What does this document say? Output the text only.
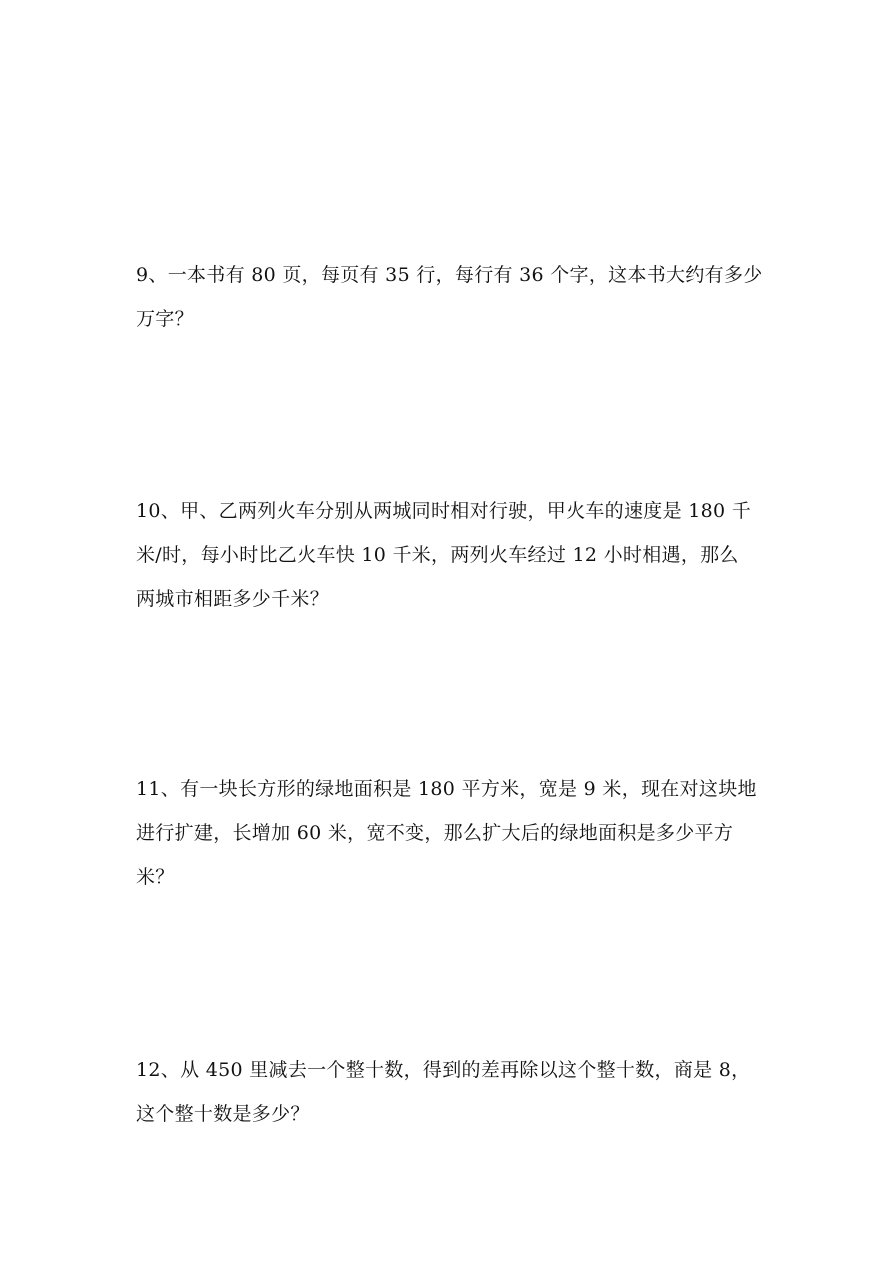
9、一本书有 80 页，每页有 35 行，每行有 36 个字，这本书大约有多少
万字？
10、甲、乙两列火车分别从两城同时相对行驶，甲火车的速度是 180 千
米/时，每小时比乙火车快 10 千米，两列火车经过 12 小时相遇，那么
两城市相距多少千米？
11、有一块长方形的绿地面积是 180 平方米，宽是 9 米，现在对这块地
进行扩建，长增加 60 米，宽不变，那么扩大后的绿地面积是多少平方
米？
12、从 450 里减去一个整十数，得到的差再除以这个整十数，商是 8，
这个整十数是多少？
